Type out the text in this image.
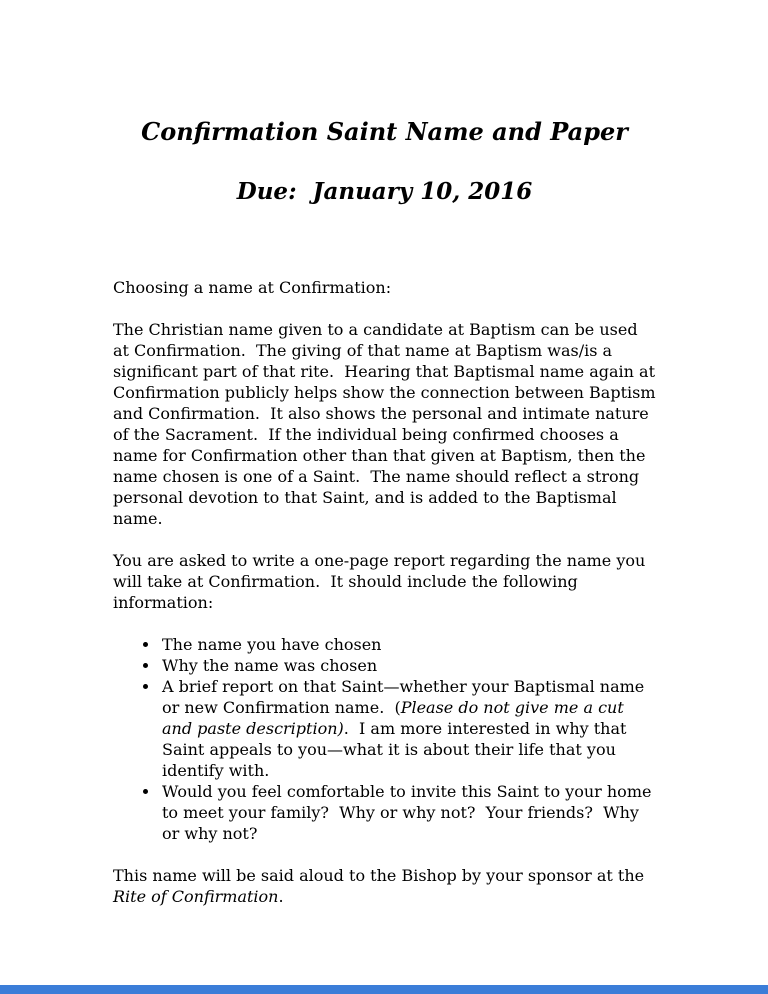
Confirmation Saint Name and Paper
Due:  January 10, 2016

Choosing a name at Confirmation:

The Christian name given to a candidate at Baptism can be used at Confirmation.  The giving of that name at Baptism was/is a significant part of that rite.  Hearing that Baptismal name again at Confirmation publicly helps show the connection between Baptism and Confirmation.  It also shows the personal and intimate nature of the Sacrament.  If the individual being confirmed chooses a name for Confirmation other than that given at Baptism, then the name chosen is one of a Saint.  The name should reflect a strong personal devotion to that Saint, and is added to the Baptismal name.

You are asked to write a one-page report regarding the name you will take at Confirmation.  It should include the following information:

• The name you have chosen
• Why the name was chosen
• A brief report on that Saint—whether your Baptismal name or new Confirmation name.  (Please do not give me a cut and paste description).  I am more interested in why that Saint appeals to you—what it is about their life that you identify with.
• Would you feel comfortable to invite this Saint to your home to meet your family?  Why or why not?  Your friends?  Why or why not?

This name will be said aloud to the Bishop by your sponsor at the Rite of Confirmation.
